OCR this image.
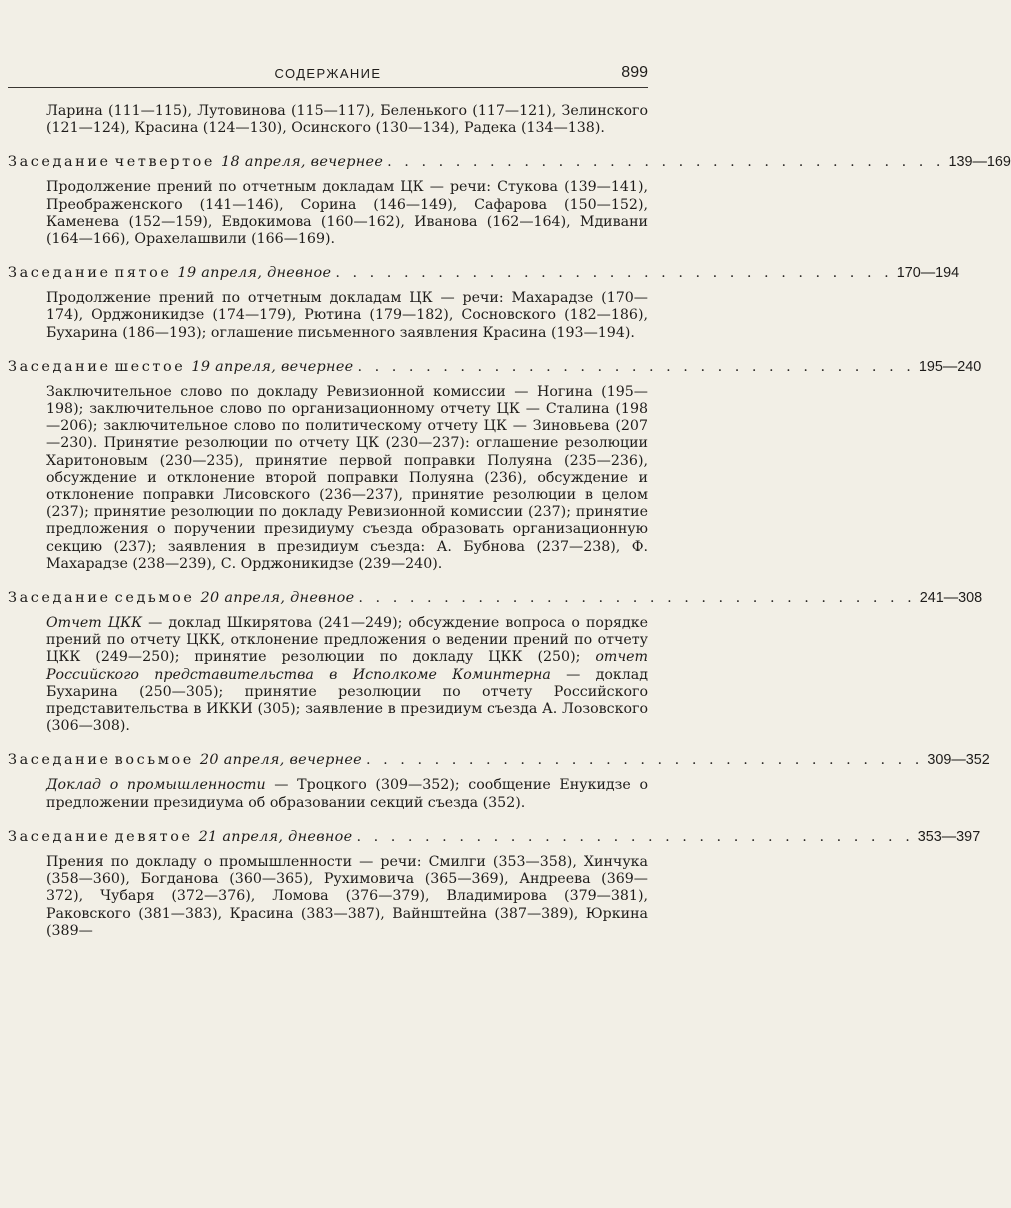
СОДЕРЖАНИЕ	899
Ларина (111—115), Лутовинова (115—117), Беленького (117—121), Зелинского (121—124), Красина (124—130), Осинского (130—134), Радека (134—138).
Заседание четвертое 18 апреля, вечернее . . . . . . . . . . . . . . . . . . . . . . . . . . . . . . . . . 139—169
Продолжение прений по отчетным докладам ЦК — речи: Стукова (139—141), Преображенского (141—146), Сорина (146—149), Сафарова (150—152), Каменева (152—159), Евдокимова (160—162), Иванова (162—164), Мдивани (164—166), Орахелашвили (166—169).
Заседание пятое 19 апреля, дневное . . . . . . . . . . . . . . . . . . . . . . . . . . . . . . . . . 170—194
Продолжение прений по отчетным докладам ЦК — речи: Махарадзе (170—174), Орджоникидзе (174—179), Рютина (179—182), Сосновского (182—186), Бухарина (186—193); оглашение письменного заявления Красина (193—194).
Заседание шестое 19 апреля, вечернее . . . . . . . . . . . . . . . . . . . . . . . . . . . . . . . . . 195—240
Заключительное слово по докладу Ревизионной комиссии — Ногина (195—198); заключительное слово по организационному отчету ЦК — Сталина (198—206); заключительное слово по политическому отчету ЦК — Зиновьева (207—230). Принятие резолюции по отчету ЦК (230—237): оглашение резолюции Харитоновым (230—235), принятие первой поправки Полуяна (235—236), обсуждение и отклонение второй поправки Полуяна (236), обсуждение и отклонение поправки Лисовского (236—237), принятие резолюции в целом (237); принятие резолюции по докладу Ревизионной комиссии (237); принятие предложения о поручении президиуму съезда образовать организационную секцию (237); заявления в президиум съезда: А. Бубнова (237—238), Ф. Махарадзе (238—239), С. Орджоникидзе (239—240).
Заседание седьмое 20 апреля, дневное . . . . . . . . . . . . . . . . . . . . . . . . . . . . . . . . . 241—308
Отчет ЦКК — доклад Шкирятова (241—249); обсуждение вопроса о порядке прений по отчету ЦКК, отклонение предложения о ведении прений по отчету ЦКК (249—250); принятие резолюции по докладу ЦКК (250); отчет Российского представительства в Исполкоме Коминтерна — доклад Бухарина (250—305); принятие резолюции по отчету Российского представительства в ИККИ (305); заявление в президиум съезда А. Лозовского (306—308).
Заседание восьмое 20 апреля, вечернее . . . . . . . . . . . . . . . . . . . . . . . . . . . . . . . . . 309—352
Доклад о промышленности — Троцкого (309—352); сообщение Енукидзе о предложении президиума об образовании секций съезда (352).
Заседание девятое 21 апреля, дневное . . . . . . . . . . . . . . . . . . . . . . . . . . . . . . . . . 353—397
Прения по докладу о промышленности — речи: Смилги (353—358), Хинчука (358—360), Богданова (360—365), Рухимовича (365—369), Андреева (369—372), Чубаря (372—376), Ломова (376—379), Владимирова (379—381), Раковского (381—383), Красина (383—387), Вайнштейна (387—389), Юркина (389—
